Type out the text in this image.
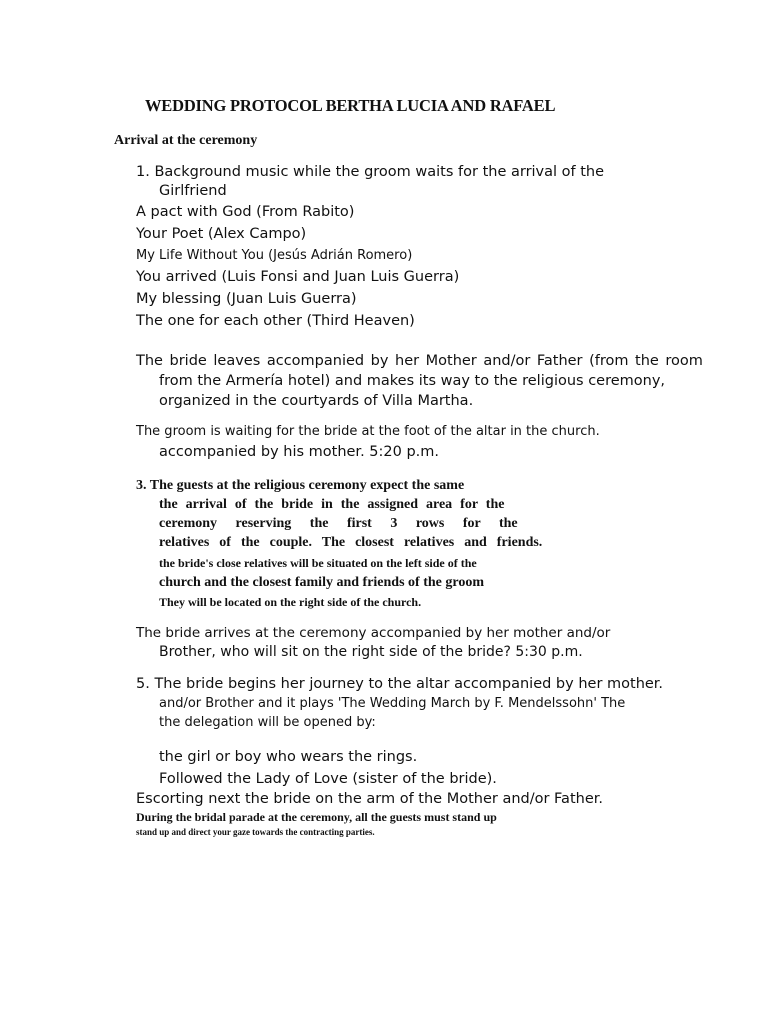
WEDDING PROTOCOL BERTHA LUCIA AND RAFAEL
Arrival at the ceremony
1. Background music while the groom waits for the arrival of the
Girlfriend
A pact with God (From Rabito)
Your Poet (Alex Campo)
My Life Without You (Jesús Adrián Romero)
You arrived (Luis Fonsi and Juan Luis Guerra)
My blessing (Juan Luis Guerra)
The one for each other (Third Heaven)
The bride leaves accompanied by her Mother and/or Father (from the room
from the Armería hotel) and makes its way to the religious ceremony,
organized in the courtyards of Villa Martha.
The groom is waiting for the bride at the foot of the altar in the church.
accompanied by his mother. 5:20 p.m.
3. The guests at the religious ceremony expect the same
the arrival of the bride in the assigned area for the
ceremony reserving the first 3 rows for the
relatives of the couple. The closest relatives and friends.
the bride's close relatives will be situated on the left side of the
church and the closest family and friends of the groom
They will be located on the right side of the church.
The bride arrives at the ceremony accompanied by her mother and/or
Brother, who will sit on the right side of the bride? 5:30 p.m.
5. The bride begins her journey to the altar accompanied by her mother.
and/or Brother and it plays 'The Wedding March by F. Mendelssohn' The
the delegation will be opened by:
the girl or boy who wears the rings.
Followed the Lady of Love (sister of the bride).
Escorting next the bride on the arm of the Mother and/or Father.
During the bridal parade at the ceremony, all the guests must stand up
stand up and direct your gaze towards the contracting parties.
